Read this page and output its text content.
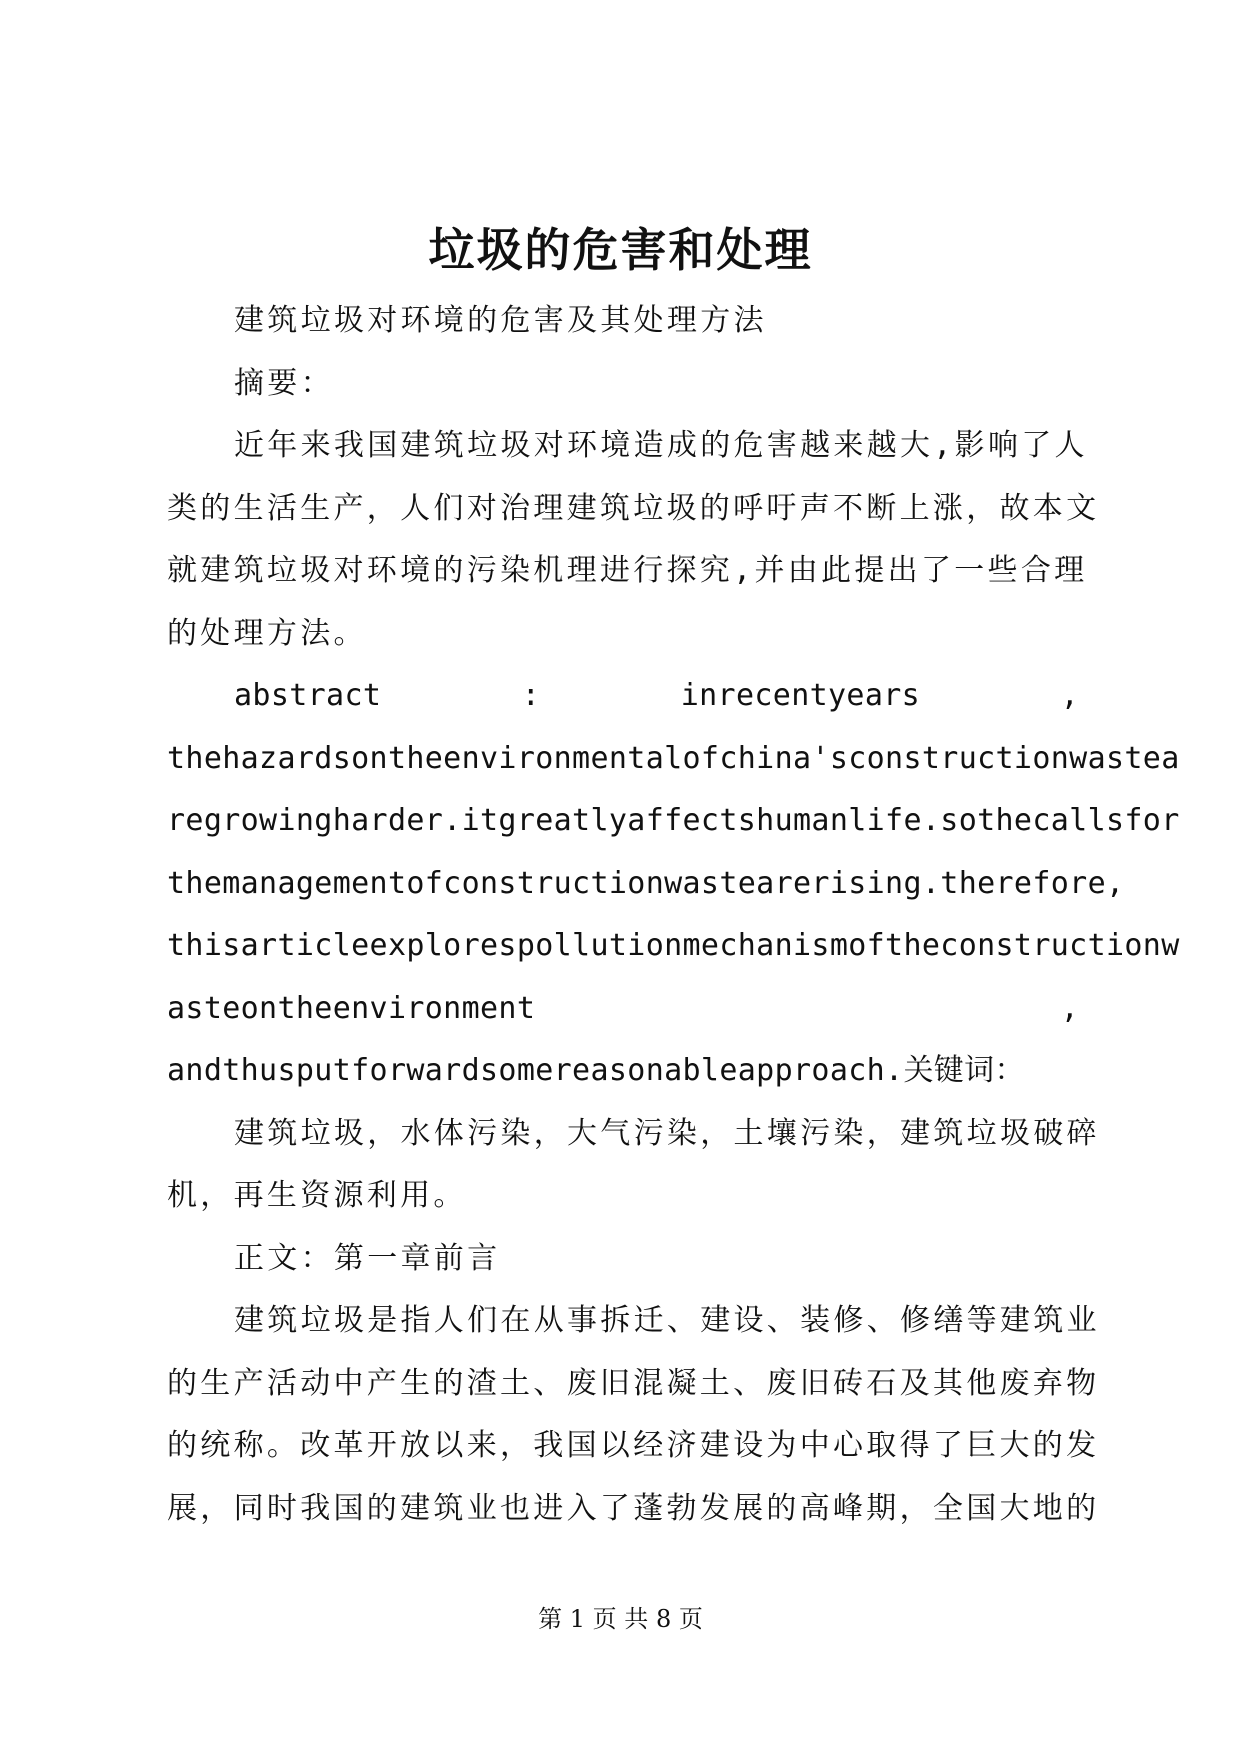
垃圾的危害和处理
建筑垃圾对环境的危害及其处理方法
摘要：
近年来我国建筑垃圾对环境造成的危害越来越大,影响了人
类的生活生产，人们对治理建筑垃圾的呼吁声不断上涨，故本文
就建筑垃圾对环境的污染机理进行探究,并由此提出了一些合理
的处理方法。
abstract	:	inrecentyears	,
thehazardsontheenvironmentalofchina'sconstructionwastea
regrowingharder.itgreatlyaffectshumanlife.sothecallsfor
themanagementofconstructionwastearerising.therefore ,
thisarticleexplorespollutionmechanismoftheconstructionw
asteontheenvironment	,
andthusputforwardsomereasonableapproach.关键词：
建筑垃圾，水体污染，大气污染，土壤污染，建筑垃圾破碎
机，再生资源利用。
正文：第一章前言
建筑垃圾是指人们在从事拆迁、建设、装修、修缮等建筑业
的生产活动中产生的渣土、废旧混凝土、废旧砖石及其他废弃物
的统称。改革开放以来，我国以经济建设为中心取得了巨大的发
展，同时我国的建筑业也进入了蓬勃发展的高峰期，全国大地的
第 1 页 共 8 页
